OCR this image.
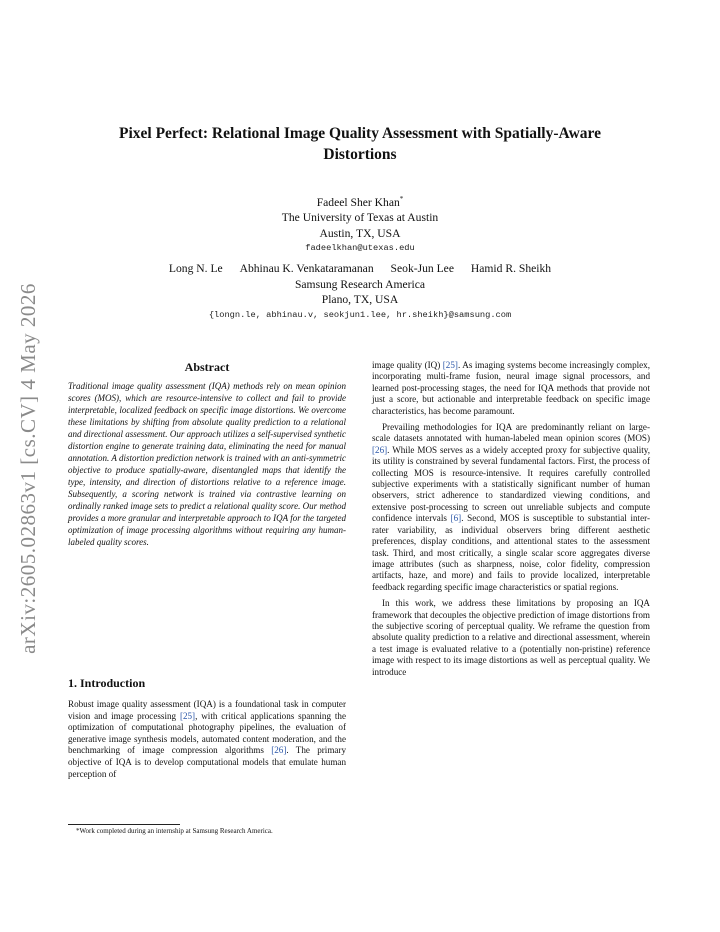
arXiv:2605.02863v1 [cs.CV] 4 May 2026
Pixel Perfect: Relational Image Quality Assessment with Spatially-Aware
Distortions
Fadeel Sher Khan*
The University of Texas at Austin
Austin, TX, USA
fadeelkhan@utexas.edu
Long N. Le Abhinau K. Venkataramanan Seok-Jun Lee Hamid R. Sheikh
Samsung Research America
Plano, TX, USA
{longn.le, abhinau.v, seokjun1.lee, hr.sheikh}@samsung.com
Abstract
Traditional image quality assessment (IQA) methods rely on mean opinion scores (MOS), which are resource-intensive to collect and fail to provide interpretable, localized feedback on specific image distortions. We overcome these limitations by shifting from absolute quality prediction to a relational and directional assessment. Our approach utilizes a self-supervised synthetic distortion engine to generate training data, eliminating the need for manual annotation. A distortion prediction network is trained with an anti-symmetric objective to produce spatially-aware, disentangled maps that identify the type, intensity, and direction of distortions relative to a reference image. Subsequently, a scoring network is trained via contrastive learning on ordinally ranked image sets to predict a relational quality score. Our method provides a more granular and interpretable approach to IQA for the targeted optimization of image processing algorithms without requiring any human-labeled quality scores.
1. Introduction
Robust image quality assessment (IQA) is a foundational task in computer vision and image processing [25], with critical applications spanning the optimization of computational photography pipelines, the evaluation of generative image synthesis models, automated content moderation, and the benchmarking of image compression algorithms [26]. The primary objective of IQA is to develop computational models that emulate human perception of

image quality (IQ) [25]. As imaging systems become increasingly complex, incorporating multi-frame fusion, neural image signal processors, and learned post-processing stages, the need for IQA methods that provide not just a score, but actionable and interpretable feedback on specific image characteristics, has become paramount.

Prevailing methodologies for IQA are predominantly reliant on large-scale datasets annotated with human-labeled mean opinion scores (MOS) [26]. While MOS serves as a widely accepted proxy for subjective quality, its utility is constrained by several fundamental factors. First, the process of collecting MOS is resource-intensive. It requires carefully controlled subjective experiments with a statistically significant number of human observers, strict adherence to standardized viewing conditions, and extensive post-processing to screen out unreliable subjects and compute confidence intervals [6]. Second, MOS is susceptible to substantial inter-rater variability, as individual observers bring different aesthetic preferences, display conditions, and attentional states to the assessment task. Third, and most critically, a single scalar score aggregates diverse image attributes (such as sharpness, noise, color fidelity, compression artifacts, haze, and more) and fails to provide localized, interpretable feedback regarding specific image characteristics or spatial regions.

In this work, we address these limitations by proposing an IQA framework that decouples the objective prediction of image distortions from the subjective scoring of perceptual quality. We reframe the question from absolute quality prediction to a relative and directional assessment, wherein a test image is evaluated relative to a (potentially non-pristine) reference image with respect to its image distortions as well as perceptual quality. We introduce

*Work completed during an internship at Samsung Research America.
